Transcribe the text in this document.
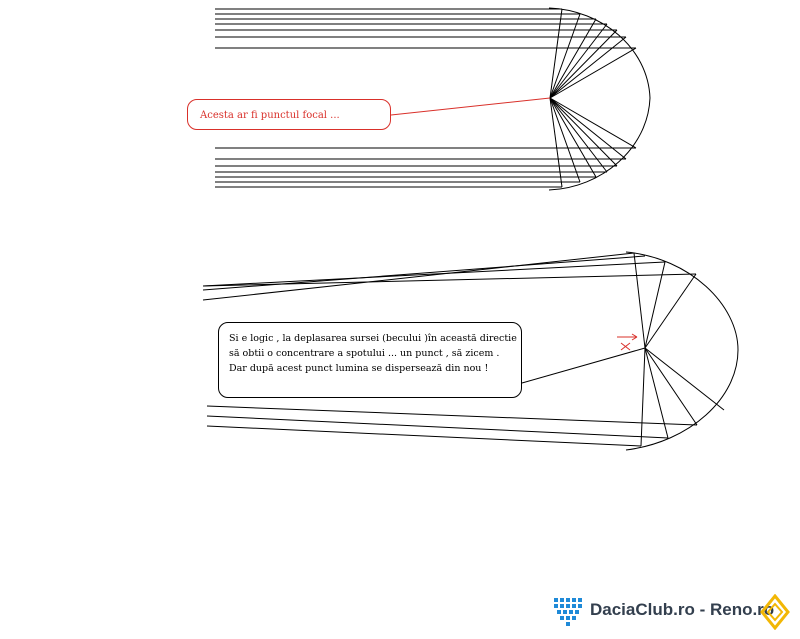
Acesta ar fi punctul focal ...
Si e logic , la deplasarea sursei (becului )în această directie
să obtii o concentrare a spotului ... un punct , să zicem .
Dar după acest punct lumina se dispersează din nou !
DaciaClub.ro - Reno.ro
